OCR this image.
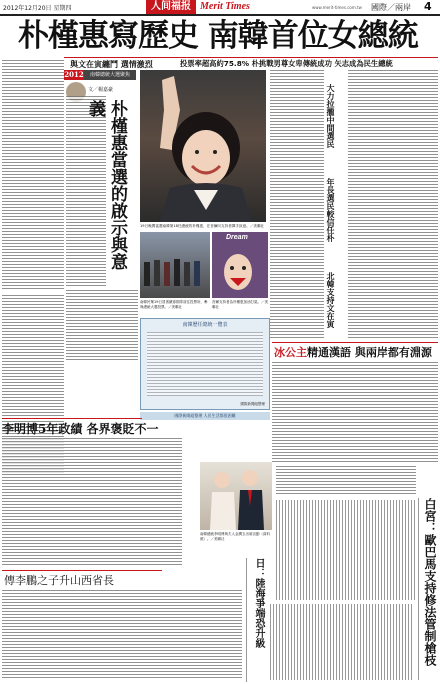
2012年12月20日 星期四	人间福报 Merit Times	www.merit-times.com.tw 國際／兩岸 4
朴槿惠寫歷史 南韓首位女總統
與文在寅纏鬥 選情激烈	投票率超高約75.8% 朴挑戰男尊女卑傳統成功 矢志成為民生總統
2012	南韓總統大選聚焦
文／楊嘉豪
朴槿惠當選的啟示與意義
19日晚間當選南韓第18任總統的朴槿惠，在首爾向支持者揮手致意。／美聯社
Dream
南韓民眾19日冒著嚴寒排隊前往投票所，參與總統大選投票。／美聯社
首爾支持者為朴槿惠加油打氣。／美聯社
大力拉攏中間選民
年長選民較信任朴
北韓支持文在寅
南韓歷任總統一覽表
國際新聞組整理
國際新聞組整理 人民生活都很困難
冰公主精通漢語 與兩岸都有淵源
李明博5年政績 各界褒貶不一
南韓總統李明博與夫人金潤玉出席活動（資料照）。／美聯社	白宮：歐巴馬支持修法管制槍枝
傳李鵬之子升山西省長	日：陸海爭端恐升級
